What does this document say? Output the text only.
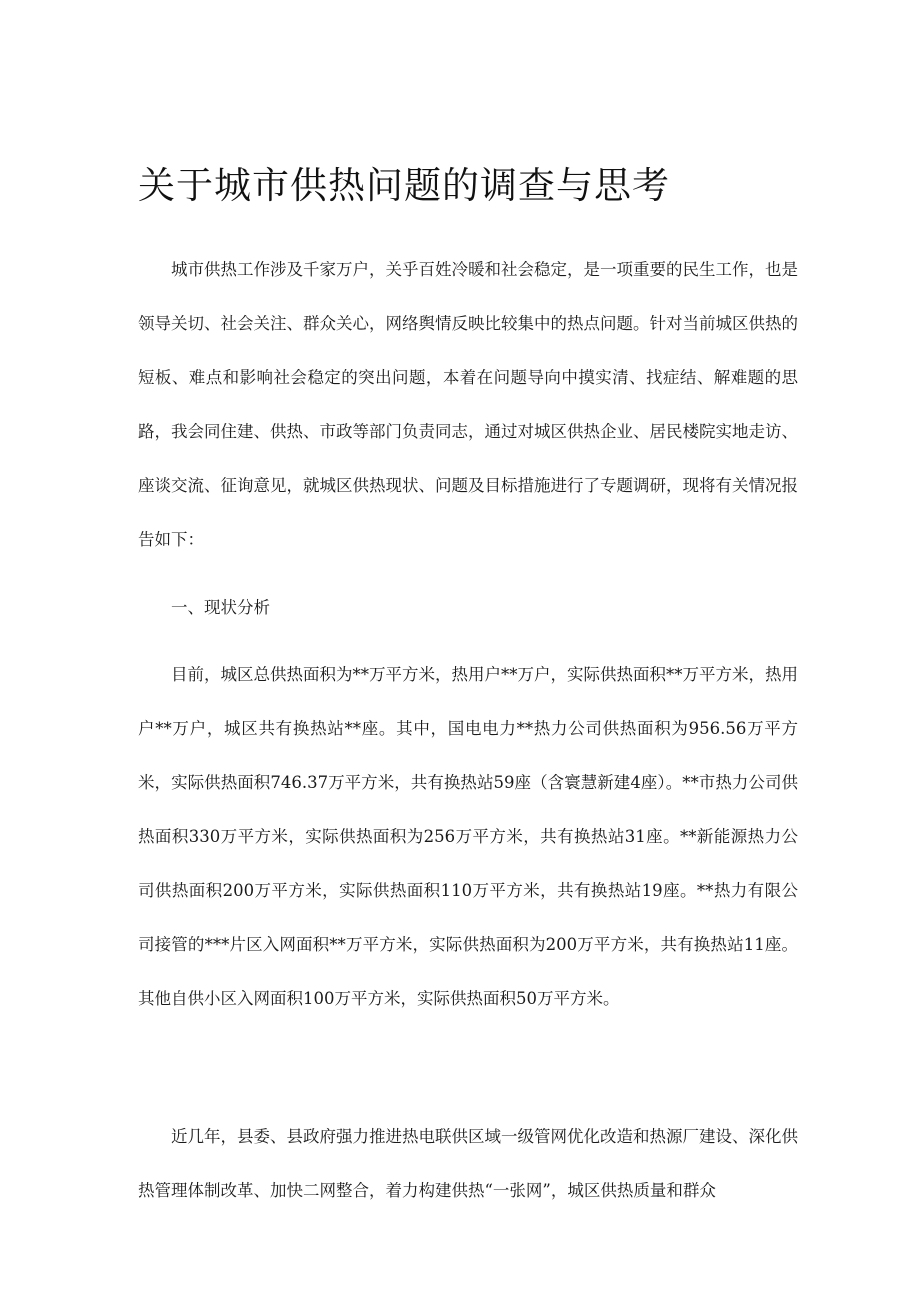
关于城市供热问题的调查与思考

城市供热工作涉及千家万户，关乎百姓冷暖和社会稳定，是一项重要的民生工作，也是领导关切、社会关注、群众关心，网络舆情反映比较集中的热点问题。针对当前城区供热的短板、难点和影响社会稳定的突出问题，本着在问题导向中摸实清、找症结、解难题的思路，我会同住建、供热、市政等部门负责同志，通过对城区供热企业、居民楼院实地走访、座谈交流、征询意见，就城区供热现状、问题及目标措施进行了专题调研，现将有关情况报告如下：

一、现状分析

目前，城区总供热面积为**万平方米，热用户**万户，实际供热面积**万平方米，热用户**万户，城区共有换热站**座。其中，国电电力**热力公司供热面积为956.56万平方米，实际供热面积746.37万平方米，共有换热站59座（含寰慧新建4座）。**市热力公司供热面积330万平方米，实际供热面积为256万平方米，共有换热站31座。**新能源热力公司供热面积200万平方米，实际供热面积110万平方米，共有换热站19座。**热力有限公司接管的***片区入网面积**万平方米，实际供热面积为200万平方米，共有换热站11座。其他自供小区入网面积100万平方米，实际供热面积50万平方米。

近几年，县委、县政府强力推进热电联供区域一级管网优化改造和热源厂建设、深化供热管理体制改革、加快二网整合，着力构建供热“一张网”，城区供热质量和群众
